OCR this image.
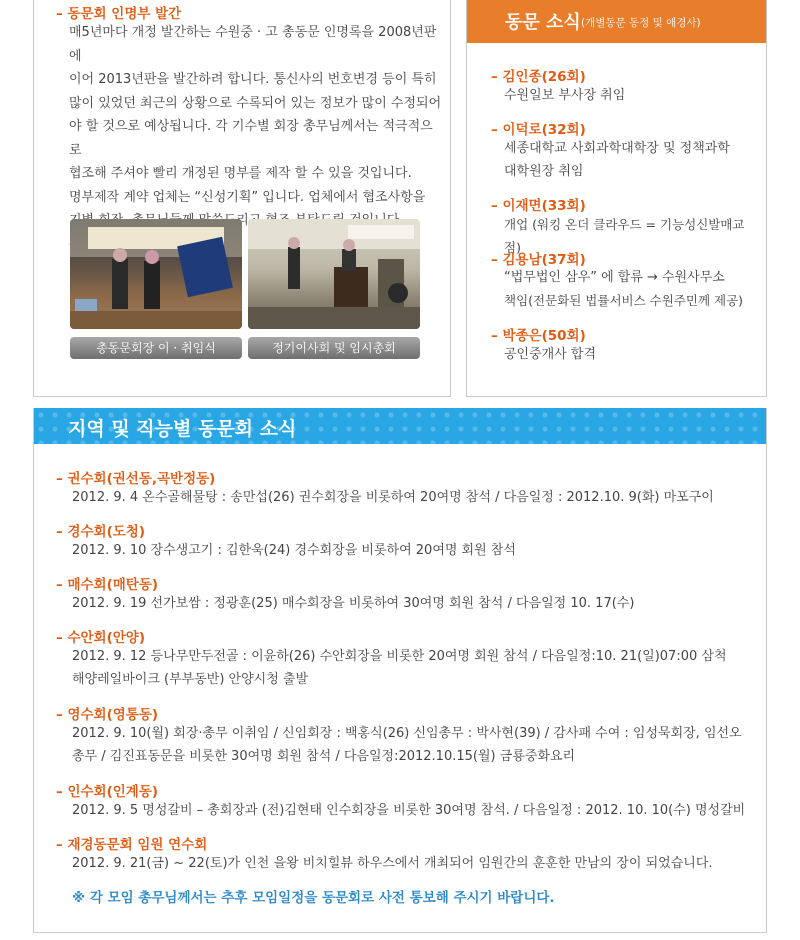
– 동문회 인명부 발간
매5년마다 개정 발간하는 수원중 · 고 총동문 인명록을 2008년판에
이어 2013년판을 발간하려 합니다. 통신사의 번호변경 등이 특히
많이 있었던 최근의 상황으로 수록되어 있는 정보가 많이 수정되어
야 할 것으로 예상됩니다. 각 기수별 회장 총무님께서는 적극적으로
협조해 주셔야 빨리 개정된 명부를 제작 할 수 있을 것입니다.
명부제작 계약 업체는 “신성기획” 입니다. 업체에서 협조사항을
총동문회장 이 · 취임식	정기이사회 및 임시총회
동문 소식 (개별동문 동정 및 애경사)
– 김인종(26회)
수원일보 부사장 취임
– 이덕로(32회)
세종대학교 사회과학대학장 및 정책과학
대학원장 취임
– 이재면(33회)
개업 (워킹 온더 클라우드 = 기능성신발매교점)
– 김용남(37회)
“법무법인 삼우” 에 합류 → 수원사무소
책임(전문화된 법률서비스 수원주민께 제공)
– 박종은(50회)
공인중개사 합격
지역 및 직능별 동문회 소식
– 권수회(권선동,곡반정동)
2012. 9. 4 온수골해물탕 : 송만섭(26) 권수회장을 비롯하여 20여명 참석 / 다음일정 : 2012.10. 9(화) 마포구이
– 경수회(도청)
2012. 9. 10 장수생고기 : 김한욱(24) 경수회장을 비롯하여 20여명 회원 참석
– 매수회(매탄동)
2012. 9. 19 선가보쌈 : 정광훈(25) 매수회장을 비롯하여 30여명 회원 참석 / 다음일정 10. 17(수)
– 수안회(안양)
2012. 9. 12 등나무만두전골 : 이윤하(26) 수안회장을 비롯한 20여명 회원 참석 / 다음일정:10. 21(일)07:00 삼척
해양레일바이크 (부부동반) 안양시청 출발
– 영수회(영통동)
2012. 9. 10(월) 회장·총무 이취임 / 신임회장 : 백홍식(26) 신임총무 : 박사현(39) / 감사패 수여 : 임성묵회장, 임선오
총무 / 김진표동문을 비롯한 30여명 회원 참석 / 다음일정:2012.10.15(월) 금룡중화요리
– 인수회(인계동)
2012. 9. 5 명성갈비 – 총회장과 (전)김현태 인수회장을 비롯한 30여명 참석. / 다음일정 : 2012. 10. 10(수) 명성갈비
– 재경동문회 임원 연수회
2012. 9. 21(금) ~ 22(토)가 인천 을왕 비치힐뷰 하우스에서 개최되어 임원간의 훈훈한 만남의 장이 되었습니다.
※ 각 모임 총무님께서는 추후 모임일정을 동문회로 사전 통보해 주시기 바랍니다.
